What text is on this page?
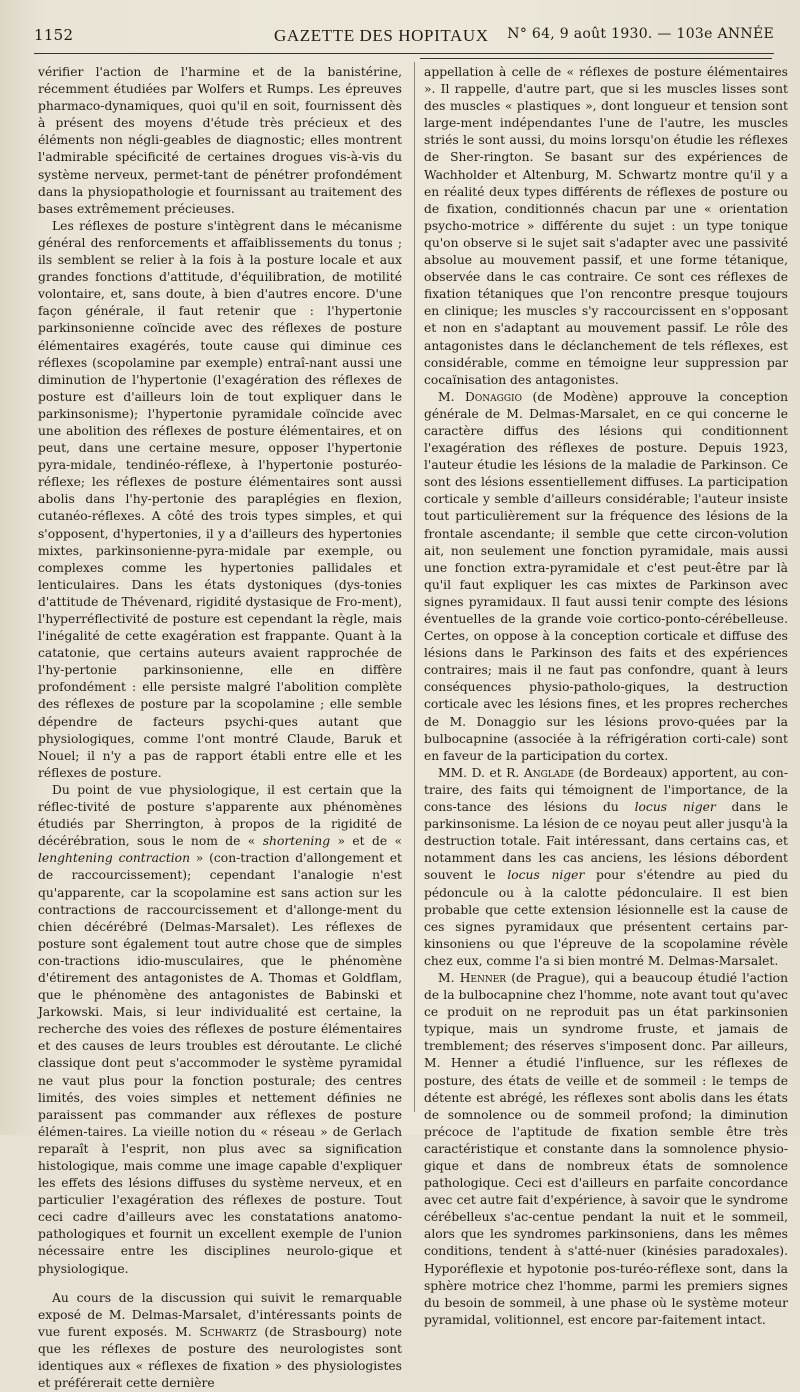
1152	GAZETTE DES HOPITAUX N° 64, 9 août 1930. — 103e ANNÉE

vérifier l'action de l'harmine et de la banistérine, récemment étudiées par Wolfers et Rumps. Les épreuves pharmaco-dynamiques, quoi qu'il en soit, fournissent dès à présent des moyens d'étude très précieux et des éléments non négli-geables de diagnostic; elles montrent l'admirable spécificité de certaines drogues vis-à-vis du système nerveux, permet-tant de pénétrer profondément dans la physiopathologie et fournissant au traitement des bases extrêmement précieuses.

Les réflexes de posture s'intègrent dans le mécanisme général des renforcements et affaiblissements du tonus ; ils semblent se relier à la fois à la posture locale et aux grandes fonctions d'attitude, d'équilibration, de motilité volontaire, et, sans doute, à bien d'autres encore. D'une façon générale, il faut retenir que : l'hypertonie parkinsonienne coïncide avec des réflexes de posture élémentaires exagérés, toute cause qui diminue ces réflexes (scopolamine par exemple) entraî-nant aussi une diminution de l'hypertonie (l'exagération des réflexes de posture est d'ailleurs loin de tout expliquer dans le parkinsonisme); l'hypertonie pyramidale coïncide avec une abolition des réflexes de posture élémentaires, et on peut, dans une certaine mesure, opposer l'hypertonie pyra-midale, tendinéo-réflexe, à l'hypertonie posturéo-réflexe; les réflexes de posture élémentaires sont aussi abolis dans l'hy-pertonie des paraplégies en flexion, cutanéo-réflexes. A côté des trois types simples, et qui s'opposent, d'hypertonies, il y a d'ailleurs des hypertonies mixtes, parkinsonienne-pyra-midale par exemple, ou complexes comme les hypertonies pallidales et lenticulaires. Dans les états dystoniques (dys-tonies d'attitude de Thévenard, rigidité dystasique de Fro-ment), l'hyperréflectivité de posture est cependant la règle, mais l'inégalité de cette exagération est frappante. Quant à la catatonie, que certains auteurs avaient rapprochée de l'hy-pertonie parkinsonienne, elle en diffère profondément : elle persiste malgré l'abolition complète des réflexes de posture par la scopolamine ; elle semble dépendre de facteurs psychi-ques autant que physiologiques, comme l'ont montré Claude, Baruk et Nouel; il n'y a pas de rapport établi entre elle et les réflexes de posture.

Du point de vue physiologique, il est certain que la réflec-tivité de posture s'apparente aux phénomènes étudiés par Sherrington, à propos de la rigidité de décérébration, sous le nom de « shortening » et de « lenghtening contraction » (con-traction d'allongement et de raccourcissement); cependant l'analogie n'est qu'apparente, car la scopolamine est sans action sur les contractions de raccourcissement et d'allonge-ment du chien décérébré (Delmas-Marsalet). Les réflexes de posture sont également tout autre chose que de simples con-tractions idio-musculaires, que le phénomène d'étirement des antagonistes de A. Thomas et Goldflam, que le phénomène des antagonistes de Babinski et Jarkowski. Mais, si leur individualité est certaine, la recherche des voies des réflexes de posture élémentaires et des causes de leurs troubles est déroutante. Le cliché classique dont peut s'accommoder le système pyramidal ne vaut plus pour la fonction posturale; des centres limités, des voies simples et nettement définies ne paraissent pas commander aux réflexes de posture élémen-taires. La vieille notion du « réseau » de Gerlach reparaît à l'esprit, non plus avec sa signification histologique, mais comme une image capable d'expliquer les effets des lésions diffuses du système nerveux, et en particulier l'exagération des réflexes de posture. Tout ceci cadre d'ailleurs avec les constatations anatomo-pathologiques et fournit un excellent exemple de l'union nécessaire entre les disciplines neurolo-gique et physiologique.

Au cours de la discussion qui suivit le remarquable exposé de M. Delmas-Marsalet, d'intéressants points de vue furent exposés. M. Schwartz (de Strasbourg) note que les réflexes de posture des neurologistes sont identiques aux « réflexes de fixation » des physiologistes et préférerait cette dernière

appellation à celle de « réflexes de posture élémentaires ». Il rappelle, d'autre part, que si les muscles lisses sont des muscles « plastiques », dont longueur et tension sont large-ment indépendantes l'une de l'autre, les muscles striés le sont aussi, du moins lorsqu'on étudie les réflexes de Sher-rington. Se basant sur des expériences de Wachholder et Altenburg, M. Schwartz montre qu'il y a en réalité deux types différents de réflexes de posture ou de fixation, conditionnés chacun par une « orientation psycho-motrice » différente du sujet : un type tonique qu'on observe si le sujet sait s'adapter avec une passivité absolue au mouvement passif, et une forme tétanique, observée dans le cas contraire. Ce sont ces réflexes de fixation tétaniques que l'on rencontre presque toujours en clinique; les muscles s'y raccourcissent en s'opposant et non en s'adaptant au mouvement passif. Le rôle des antagonistes dans le déclanchement de tels réflexes, est considérable, comme en témoigne leur suppression par cocaïnisation des antagonistes.

M. Donaggio (de Modène) approuve la conception générale de M. Delmas-Marsalet, en ce qui concerne le caractère diffus des lésions qui conditionnent l'exagération des réflexes de posture. Depuis 1923, l'auteur étudie les lésions de la maladie de Parkinson. Ce sont des lésions essentiellement diffuses. La participation corticale y semble d'ailleurs considérable; l'auteur insiste tout particulièrement sur la fréquence des lésions de la frontale ascendante; il semble que cette circon-volution ait, non seulement une fonction pyramidale, mais aussi une fonction extra-pyramidale et c'est peut-être par là qu'il faut expliquer les cas mixtes de Parkinson avec signes pyramidaux. Il faut aussi tenir compte des lésions éventuelles de la grande voie cortico-ponto-cérébelleuse. Certes, on oppose à la conception corticale et diffuse des lésions dans le Parkinson des faits et des expériences contraires; mais il ne faut pas confondre, quant à leurs conséquences physio-patholo-giques, la destruction corticale avec les lésions fines, et les propres recherches de M. Donaggio sur les lésions provo-quées par la bulbocapnine (associée à la réfrigération corti-cale) sont en faveur de la participation du cortex.

MM. D. et R. Anglade (de Bordeaux) apportent, au con-traire, des faits qui témoignent de l'importance, de la cons-tance des lésions du locus niger dans le parkinsonisme. La lésion de ce noyau peut aller jusqu'à la destruction totale. Fait intéressant, dans certains cas, et notamment dans les cas anciens, les lésions débordent souvent le locus niger pour s'étendre au pied du pédoncule ou à la calotte pédonculaire. Il est bien probable que cette extension lésionnelle est la cause de ces signes pyramidaux que présentent certains par-kinsoniens ou que l'épreuve de la scopolamine révèle chez eux, comme l'a si bien montré M. Delmas-Marsalet.

M. Henner (de Prague), qui a beaucoup étudié l'action de la bulbocapnine chez l'homme, note avant tout qu'avec ce produit on ne reproduit pas un état parkinsonien typique, mais un syndrome fruste, et jamais de tremblement; des réserves s'imposent donc. Par ailleurs, M. Henner a étudié l'influence, sur les réflexes de posture, des états de veille et de sommeil : le temps de détente est abrégé, les réflexes sont abolis dans les états de somnolence ou de sommeil profond; la diminution précoce de l'aptitude de fixation semble être très caractéristique et constante dans la somnolence physio-gique et dans de nombreux états de somnolence pathologique. Ceci est d'ailleurs en parfaite concordance avec cet autre fait d'expérience, à savoir que le syndrome cérébelleux s'ac-centue pendant la nuit et le sommeil, alors que les syndromes parkinsoniens, dans les mêmes conditions, tendent à s'atté-nuer (kinésies paradoxales). Hyporéflexie et hypotonie pos-turéo-réflexe sont, dans la sphère motrice chez l'homme, parmi les premiers signes du besoin de sommeil, à une phase où le système moteur pyramidal, volitionnel, est encore par-faitement intact.
